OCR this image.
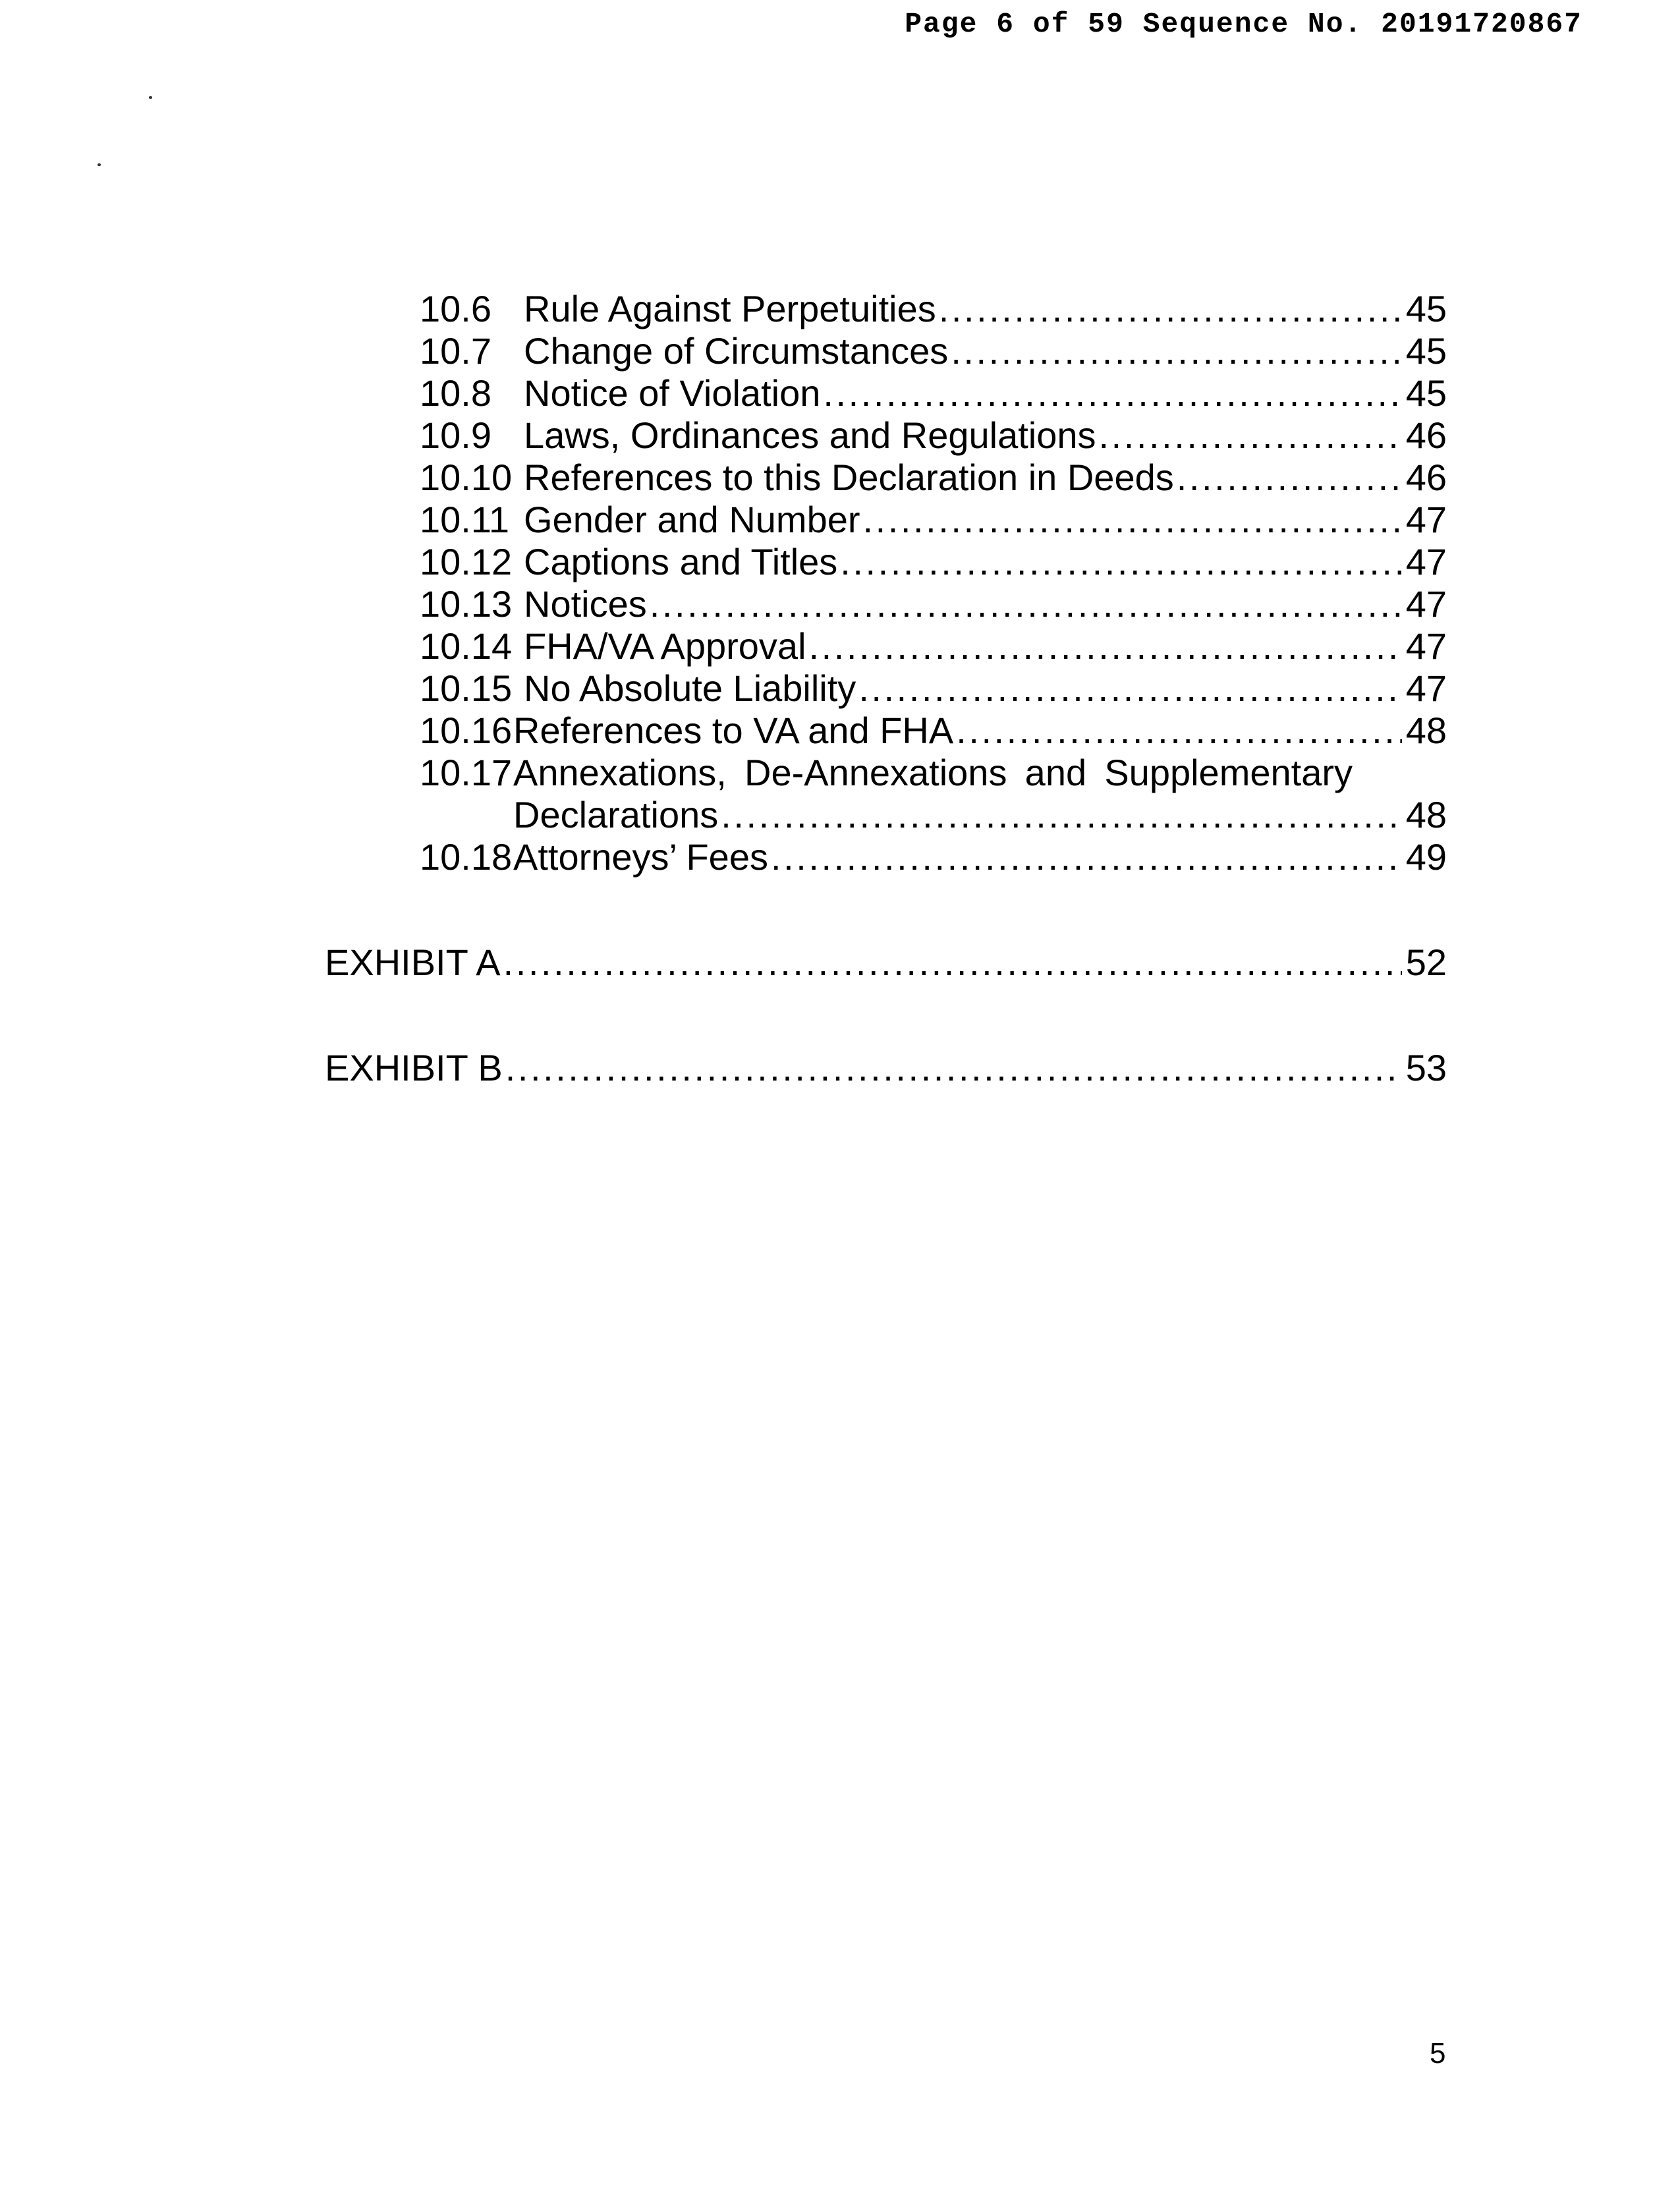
Page 6 of 59 Sequence No. 20191720867
10.6 Rule Against Perpetuities . . .	45
10.7 Change of Circumstances . . .	45
10.8 Notice of Violation . . .	45
10.9 Laws, Ordinances and Regulations . . .	46
10.10 References to this Declaration in Deeds . . .	46
10.11 Gender and Number . . .	47
10.12 Captions and Titles . . .	47
10.13 Notices . . .	47
10.14 FHA/VA Approval . . .	47
10.15 No Absolute Liability . . .	47
10.16 References to VA and FHA . . .	48
10.17 Annexations, De-Annexations and Supplementary
Declarations . . .	48
10.18 Attorneys’ Fees . . .	49
EXHIBIT A . . .	52
EXHIBIT B . . .	53
5
